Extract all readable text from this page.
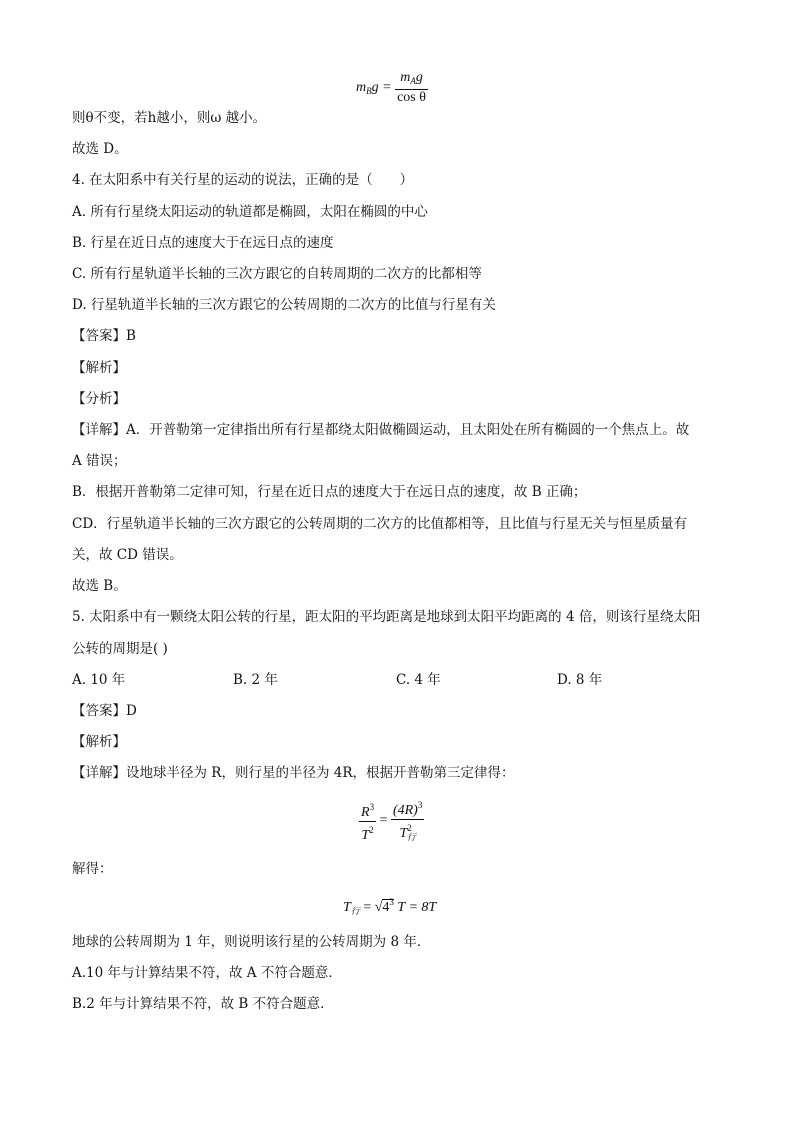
$m_Bg = \frac{m_Ag}{\text{cos θ}}$
则θ不变，若h越小，则ω 越小。
故选 D。
4. 在太阳系中有关行星的运动的说法，正确的是（　　）
A. 所有行星绕太阳运动的轨道都是椭圆，太阳在椭圆的中心
B. 行星在近日点的速度大于在远日点的速度
C. 所有行星轨道半长轴的三次方跟它的自转周期的二次方的比都相等
D. 行星轨道半长轴的三次方跟它的公转周期的二次方的比值与行星有关
【答案】B
【解析】
【分析】
【详解】A．开普勒第一定律指出所有行星都绕太阳做椭圆运动，且太阳处在所有椭圆的一个焦点上。故
A 错误；
B．根据开普勒第二定律可知，行星在近日点的速度大于在远日点的速度，故 B 正确；
CD．行星轨道半长轴的三次方跟它的公转周期的二次方的比值都相等，且比值与行星无关与恒星质量有
关，故 CD 错误。
故选 B。
5. 太阳系中有一颗绕太阳公转的行星，距太阳的平均距离是地球到太阳平均距离的 4 倍，则该行星绕太阳
公转的周期是( )
A. 10 年	B. 2 年	C. 4 年	D. 8 年
【答案】D
【解析】
【详解】设地球半径为 R，则行星的半径为 4R，根据开普勒第三定律得：
$\frac{R^3}{T^2} = \frac{(4R)^3}{T^2_行}$
解得：
$T_行 = √4^3$ T = 8T
地球的公转周期为 1 年，则说明该行星的公转周期为 8 年．
A.10 年与计算结果不符，故 A 不符合题意．
B.2 年与计算结果不符，故 B 不符合题意．
